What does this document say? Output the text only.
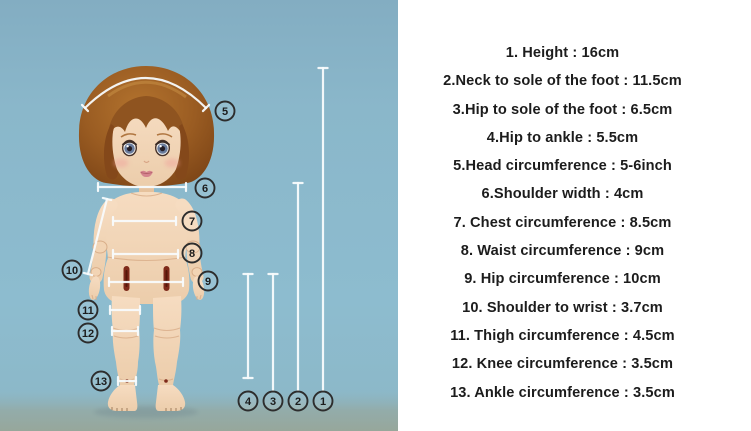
1
2
3
4
5
6
7
8
9
10
11
12
13
1. Height : 16cm
2.Neck to sole of the foot : 11.5cm
3.Hip to sole of the foot : 6.5cm
4.Hip to ankle : 5.5cm
5.Head circumference : 5-6inch
6.Shoulder width : 4cm
7. Chest circumference : 8.5cm
8. Waist circumference : 9cm
9. Hip circumference : 10cm
10. Shoulder to wrist : 3.7cm
11. Thigh circumference : 4.5cm
12. Knee circumference : 3.5cm
13. Ankle circumference : 3.5cm
